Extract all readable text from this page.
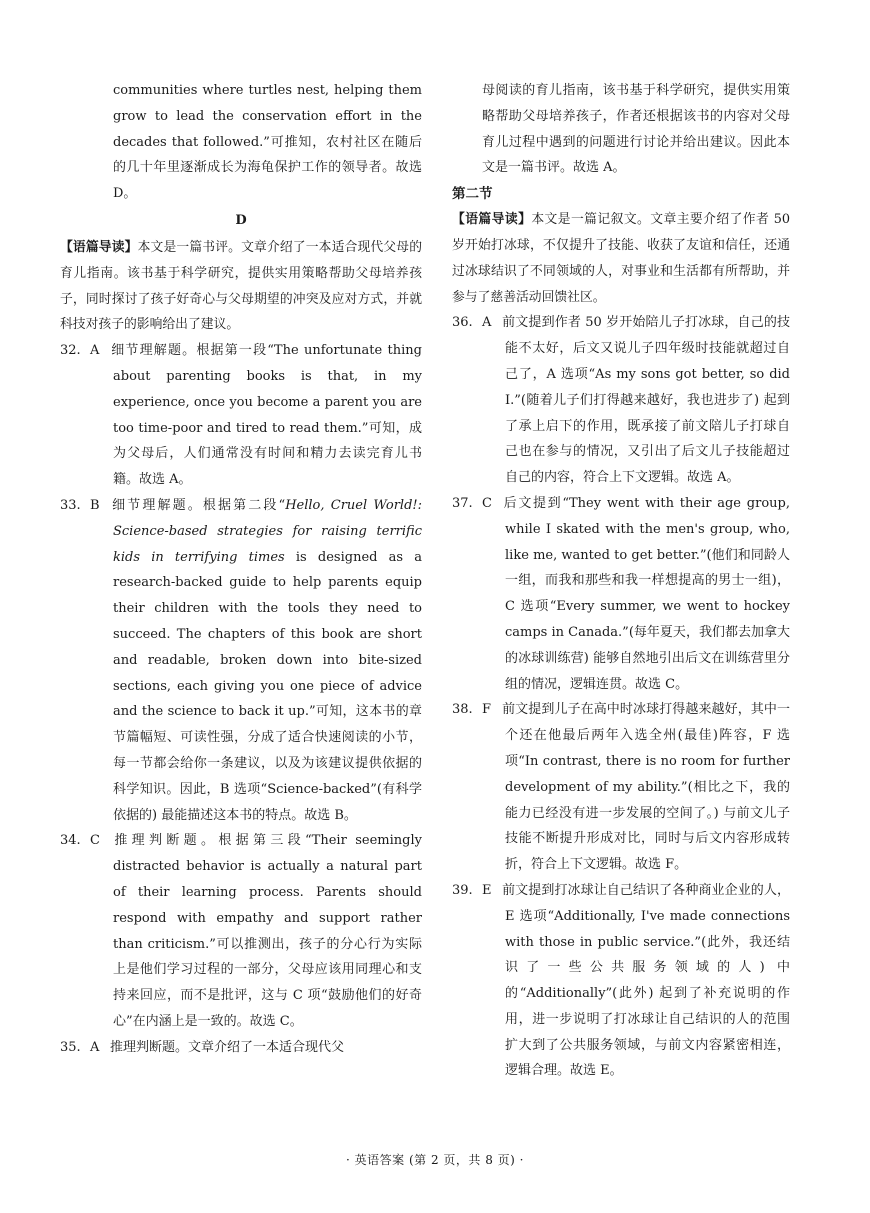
communities where turtles nest, helping them grow to lead the conservation effort in the decades that followed.”可推知，农村社区在随后的几十年里逐渐成长为海龟保护工作的领导者。故选 D。

D

【语篇导读】本文是一篇书评。文章介绍了一本适合现代父母的育儿指南。该书基于科学研究，提供实用策略帮助父母培养孩子，同时探讨了孩子好奇心与父母期望的冲突及应对方式，并就科技对孩子的影响给出了建议。

32. A 细节理解题。根据第一段“The unfortunate thing about parenting books is that, in my experience, once you become a parent you are too time-poor and tired to read them.”可知，成为父母后，人们通常没有时间和精力去读完育儿书籍。故选 A。

33. B 细节理解题。根据第二段“Hello, Cruel World!: Science-based strategies for raising terrific kids in terrifying times is designed as a research-backed guide to help parents equip their children with the tools they need to succeed. The chapters of this book are short and readable, broken down into bite-sized sections, each giving you one piece of advice and the science to back it up.”可知，这本书的章节篇幅短、可读性强，分成了适合快速阅读的小节，每一节都会给你一条建议，以及为该建议提供依据的科学知识。因此，B 选项“Science-backed”(有科学依据的) 最能描述这本书的特点。故选 B。

34. C 推理判断题。根据第三段“Their seemingly distracted behavior is actually a natural part of their learning process. Parents should respond with empathy and support rather than criticism.”可以推测出，孩子的分心行为实际上是他们学习过程的一部分，父母应该用同理心和支持来回应，而不是批评，这与 C 项“鼓励他们的好奇心”在内涵上是一致的。故选 C。

35. A 推理判断题。文章介绍了一本适合现代父

母阅读的育儿指南，该书基于科学研究，提供实用策略帮助父母培养孩子，作者还根据该书的内容对父母育儿过程中遇到的问题进行讨论并给出建议。因此本文是一篇书评。故选 A。

第二节

【语篇导读】本文是一篇记叙文。文章主要介绍了作者 50 岁开始打冰球，不仅提升了技能、收获了友谊和信任，还通过冰球结识了不同领域的人，对事业和生活都有所帮助，并参与了慈善活动回馈社区。

36. A 前文提到作者 50 岁开始陪儿子打冰球，自己的技能不太好，后文又说儿子四年级时技能就超过自己了，A 选项“As my sons got better, so did I.”(随着儿子们打得越来越好，我也进步了) 起到了承上启下的作用，既承接了前文陪儿子打球自己也在参与的情况，又引出了后文儿子技能超过自己的内容，符合上下文逻辑。故选 A。

37. C 后文提到“They went with their age group, while I skated with the men's group, who, like me, wanted to get better.”(他们和同龄人一组，而我和那些和我一样想提高的男士一组)，C 选项“Every summer, we went to hockey camps in Canada.”(每年夏天，我们都去加拿大的冰球训练营) 能够自然地引出后文在训练营里分组的情况，逻辑连贯。故选 C。

38. F 前文提到儿子在高中时冰球打得越来越好，其中一个还在他最后两年入选全州(最佳)阵容，F 选项“In contrast, there is no room for further development of my ability.”(相比之下，我的能力已经没有进一步发展的空间了。) 与前文儿子技能不断提升形成对比，同时与后文内容形成转折，符合上下文逻辑。故选 F。

39. E 前文提到打冰球让自己结识了各种商业企业的人，E 选项“Additionally, I've made connections with those in public service.”(此外，我还结识了一些公共服务领域的人) 中的“Additionally”(此外) 起到了补充说明的作用，进一步说明了打冰球让自己结识的人的范围扩大到了公共服务领域，与前文内容紧密相连，逻辑合理。故选 E。

· 英语答案 (第 2 页，共 8 页) ·
